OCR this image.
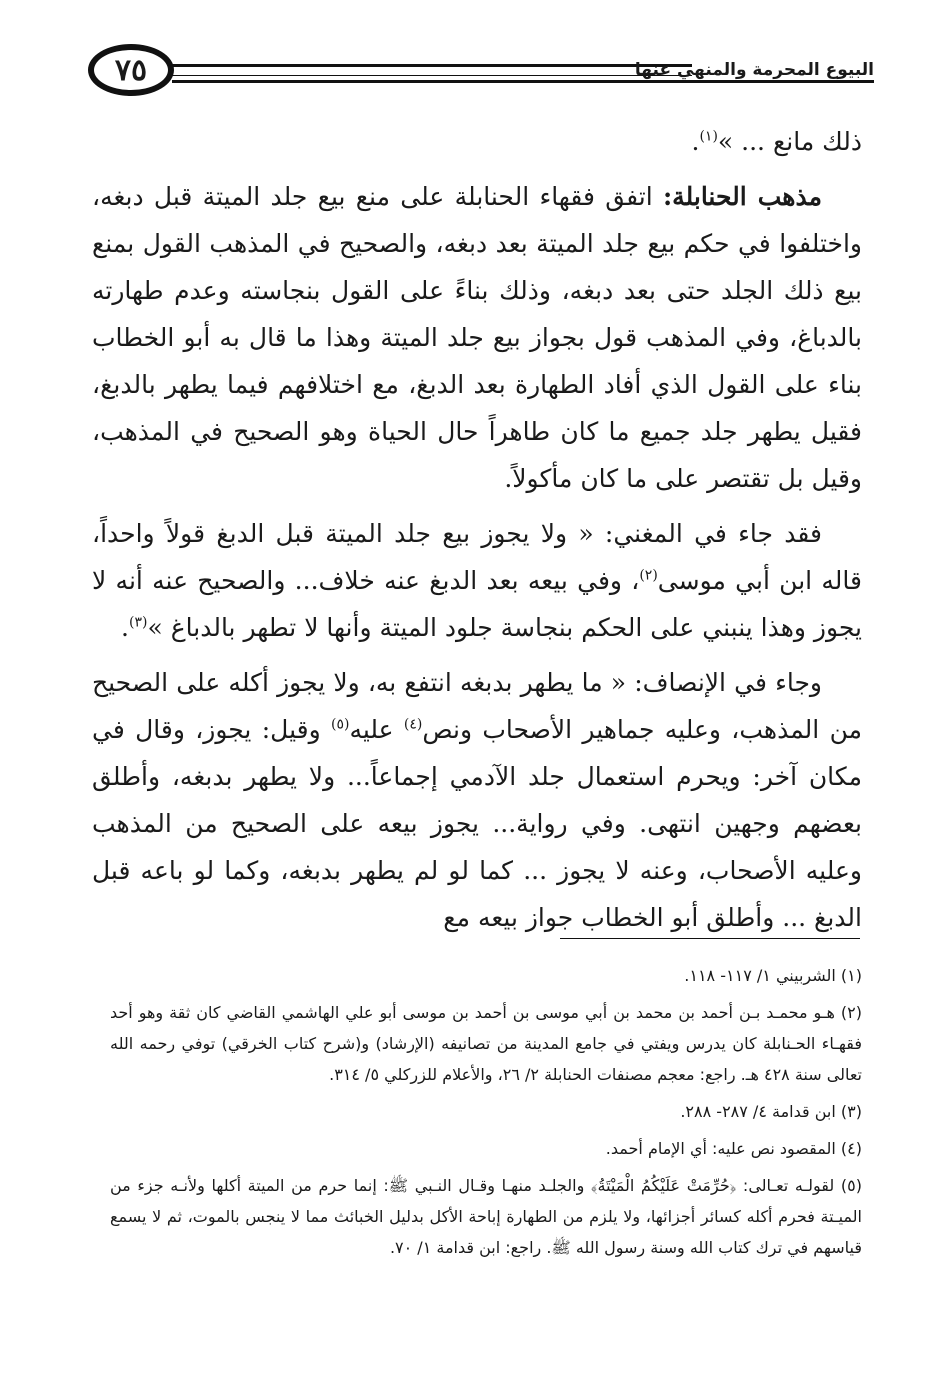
٧٥	البيوع المحرمة والمنهي عنها

ذلك مانع ... »$^{(١)}$.

مذهب الحنابلة: اتفق فقهاء الحنابلة على منع بيع جلد الميتة قبل دبغه، واختلفوا في حكم بيع جلد الميتة بعد دبغه، والصحيح في المذهب القول بمنع بيع ذلك الجلد حتى بعد دبغه، وذلك بناءً على القول بنجاسته وعدم طهارته بالدباغ، وفي المذهب قول بجواز بيع جلد الميتة وهذا ما قال به أبو الخطاب بناء على القول الذي أفاد الطهارة بعد الدبغ، مع اختلافهم فيما يطهر بالدبغ، فقيل يطهر جلد جميع ما كان طاهراً حال الحياة وهو الصحيح في المذهب، وقيل بل تقتصر على ما كان مأكولاً.

فقد جاء في المغني: « ولا يجوز بيع جلد الميتة قبل الدبغ قولاً واحداً، قاله ابن أبي موسى$^{(٢)}$، وفي بيعه بعد الدبغ عنه خلاف... والصحيح عنه أنه لا يجوز وهذا ينبني على الحكم بنجاسة جلود الميتة وأنها لا تطهر بالدباغ »$^{(٣)}$.

وجاء في الإنصاف: « ما يطهر بدبغه انتفع به، ولا يجوز أكله على الصحيح من المذهب، وعليه جماهير الأصحاب ونص$^{(٤)}$ عليه$^{(٥)}$ وقيل: يجوز، وقال في مكان آخر: ويحرم استعمال جلد الآدمي إجماعاً... ولا يطهر بدبغه، وأطلق بعضهم وجهين انتهى. وفي رواية... يجوز بيعه على الصحيح من المذهب وعليه الأصحاب، وعنه لا يجوز ... كما لو لم يطهر بدبغه، وكما لو باعه قبل الدبغ ... وأطلق أبو الخطاب جواز بيعه مع

(١) الشربيني ١/ ١١٧- ١١٨.

(٢) هـو محمـد بـن أحمد بن محمد بن أبي موسى بن أحمد بن موسى أبو علي الهاشمي القاضي كان ثقة وهو أحد فقهـاء الحـنابلة كان يدرس ويفتي في جامع المدينة من تصانيفه (الإرشاد) و(شرح كتاب الخرقي) توفي رحمه الله تعالى سنة ٤٢٨ هـ. راجع: معجم مصنفات الحنابلة ٢/ ٢٦، والأعلام للزركلي ٥/ ٣١٤.

(٣) ابن قدامة ٤/ ٢٨٧- ٢٨٨.

(٤) المقصود نص عليه: أي الإمام أحمد.

(٥) لقولـه تعـالى: ﴿حُرِّمَتْ عَلَيْكُمُ الْمَيْتَةُ﴾ والجلـد منهـا وقـال النـبي ﷺ: إنما حرم من الميتة أكلها ولأنـه جزء من الميـتة فحرم أكله كسائر أجزائها، ولا يلزم من الطهارة إباحة الأكل بدليل الخبائث مما لا ينجس بالموت، ثم لا يسمع قياسهم في ترك كتاب الله وسنة رسول الله ﷺ. راجع: ابن قدامة ١/ ٧٠.
